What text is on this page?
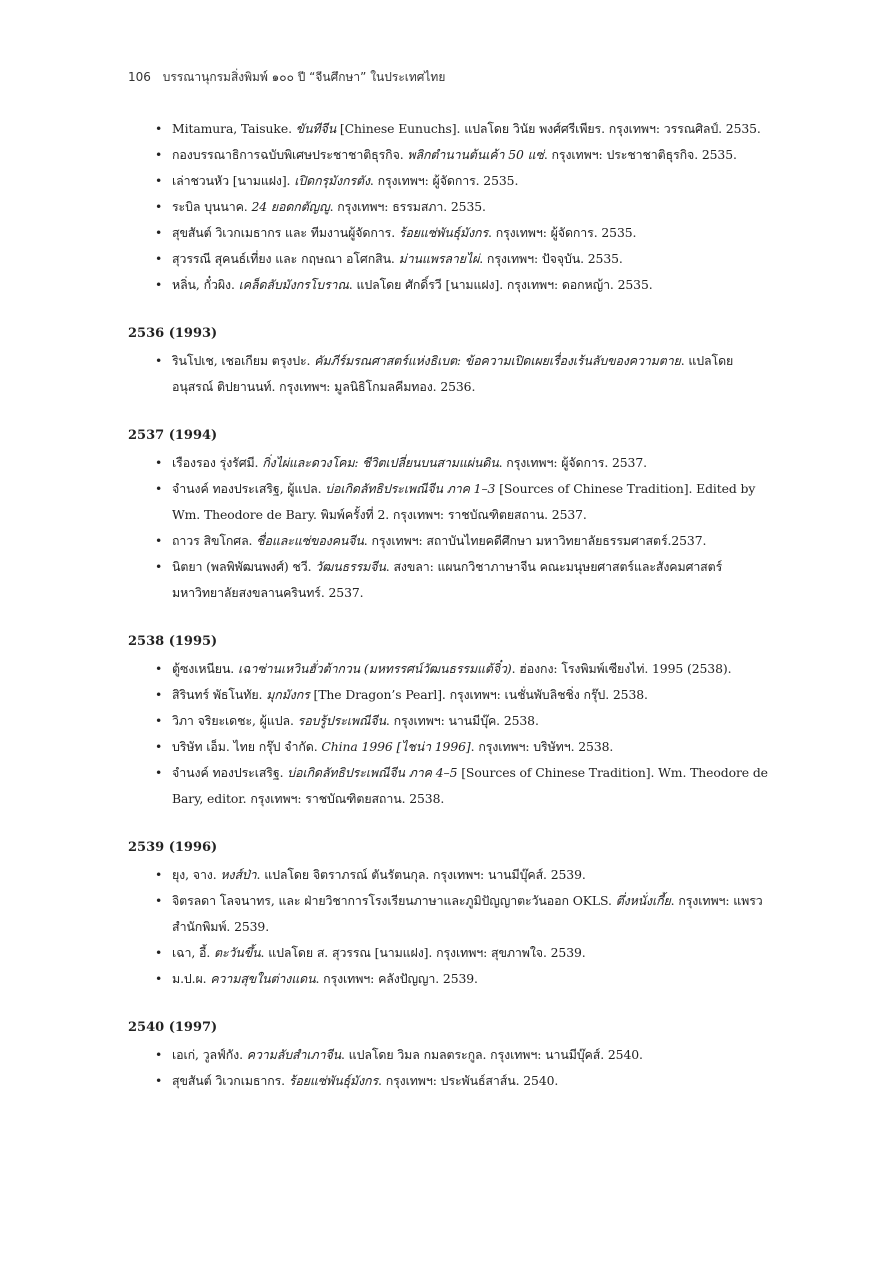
106 บรรณานุกรมสิ่งพิมพ์ ๑๐๐ ปี “จีนศึกษา” ในประเทศไทย
• Mitamura, Taisuke. ขันทีจีน [Chinese Eunuchs]. แปลโดย วินัย พงศ์ศรีเพียร. กรุงเทพฯ: วรรณศิลป์. 2535.
• กองบรรณาธิการฉบับพิเศษประชาชาติธุรกิจ. พลิกตำนานต้นเค้า 50 แซ่. กรุงเทพฯ: ประชาชาติธุรกิจ. 2535.
• เล่าชวนหัว [นามแฝง]. เปิดกรุมังกรตัง. กรุงเทพฯ: ผู้จัดการ. 2535.
• ระบิล บุนนาค. 24 ยอดกตัญญู. กรุงเทพฯ: ธรรมสภา. 2535.
• สุขสันต์ วิเวกเมธากร และ ทีมงานผู้จัดการ. ร้อยแซ่พันธุ์มังกร. กรุงเทพฯ: ผู้จัดการ. 2535.
• สุวรรณี สุคนธ์เที่ยง และ กฤษณา อโศกสิน. ม่านแพรลายไผ่. กรุงเทพฯ: ปัจจุบัน. 2535.
• หลิ่น, กั๋วผิง. เคล็ดลับมังกรโบราณ. แปลโดย ศักดิ์รวี [นามแฝง]. กรุงเทพฯ: ดอกหญ้า. 2535.
2536 (1993)
• รินโปเช, เชอเกียม ตรุงปะ. คัมภีร์มรณศาสตร์แห่งธิเบต: ข้อความเปิดเผยเรื่องเร้นลับของความตาย. แปลโดย อนุสรณ์ ติปยานนท์. กรุงเทพฯ: มูลนิธิโกมลคีมทอง. 2536.
2537 (1994)
• เรืองรอง รุ่งรัศมี. กิ่งไผ่และดวงโคม: ชีวิตเปลี่ยนบนสามแผ่นดิน. กรุงเทพฯ: ผู้จัดการ. 2537.
• จำนงค์ ทองประเสริฐ, ผู้แปล. บ่อเกิดลัทธิประเพณีจีน ภาค 1–3 [Sources of Chinese Tradition]. Edited by Wm. Theodore de Bary. พิมพ์ครั้งที่ 2. กรุงเทพฯ: ราชบัณฑิตยสถาน. 2537.
• ถาวร สิขโกศล. ชื่อและแซ่ของคนจีน. กรุงเทพฯ: สถาบันไทยคดีศึกษา มหาวิทยาลัยธรรมศาสตร์.2537.
• นิตยา (พลพิพัฒนพงศ์) ชวี. วัฒนธรรมจีน. สงขลา: แผนกวิชาภาษาจีน คณะมนุษยศาสตร์และสังคมศาสตร์ มหาวิทยาลัยสงขลานครินทร์. 2537.
2538 (1995)
• ตู้ซงเหนียน. เฉาซ่านเหวินฮั่วต้ากวน (มหทรรศน์วัฒนธรรมแต้จิ๋ว). ฮ่องกง: โรงพิมพ์เซียงไท่. 1995 (2538).
• สิรินทร์ พัธโนทัย. มุกมังกร [The Dragon’s Pearl]. กรุงเทพฯ: เนชั่นพับลิชชิ่ง กรุ๊ป. 2538.
• วิภา จริยะเดชะ, ผู้แปล. รอบรู้ประเพณีจีน. กรุงเทพฯ: นานมีบุ๊ค. 2538.
• บริษัท เอ็ม. ไทย กรุ๊ป จำกัด. China 1996 [ไชน่า 1996]. กรุงเทพฯ: บริษัทฯ. 2538.
• จำนงค์ ทองประเสริฐ. บ่อเกิดลัทธิประเพณีจีน ภาค 4–5 [Sources of Chinese Tradition]. Wm. Theodore de Bary, editor. กรุงเทพฯ: ราชบัณฑิตยสถาน. 2538.
2539 (1996)
• ยุง, จาง. หงส์ป่า. แปลโดย จิตราภรณ์ ตันรัตนกุล. กรุงเทพฯ: นานมีบุ๊คส์. 2539.
• จิตรลดา โลจนาทร, และ ฝ่ายวิชาการโรงเรียนภาษาและภูมิปัญญาตะวันออก OKLS. ตึ่งหนั่งเกี้ย. กรุงเทพฯ: แพรวสำนักพิมพ์. 2539.
• เฉา, อี้. ตะวันขึ้น. แปลโดย ส. สุวรรณ [นามแฝง]. กรุงเทพฯ: สุขภาพใจ. 2539.
• ม.ป.ผ. ความสุขในต่างแดน. กรุงเทพฯ: คลังปัญญา. 2539.
2540 (1997)
• เอเก่, วูลฟ์กัง. ความลับสำเภาจีน. แปลโดย วิมล กมลตระกูล. กรุงเทพฯ: นานมีบุ๊คส์. 2540.
• สุขสันต์ วิเวกเมธากร. ร้อยแซ่พันธุ์มังกร. กรุงเทพฯ: ประพันธ์สาส์น. 2540.
